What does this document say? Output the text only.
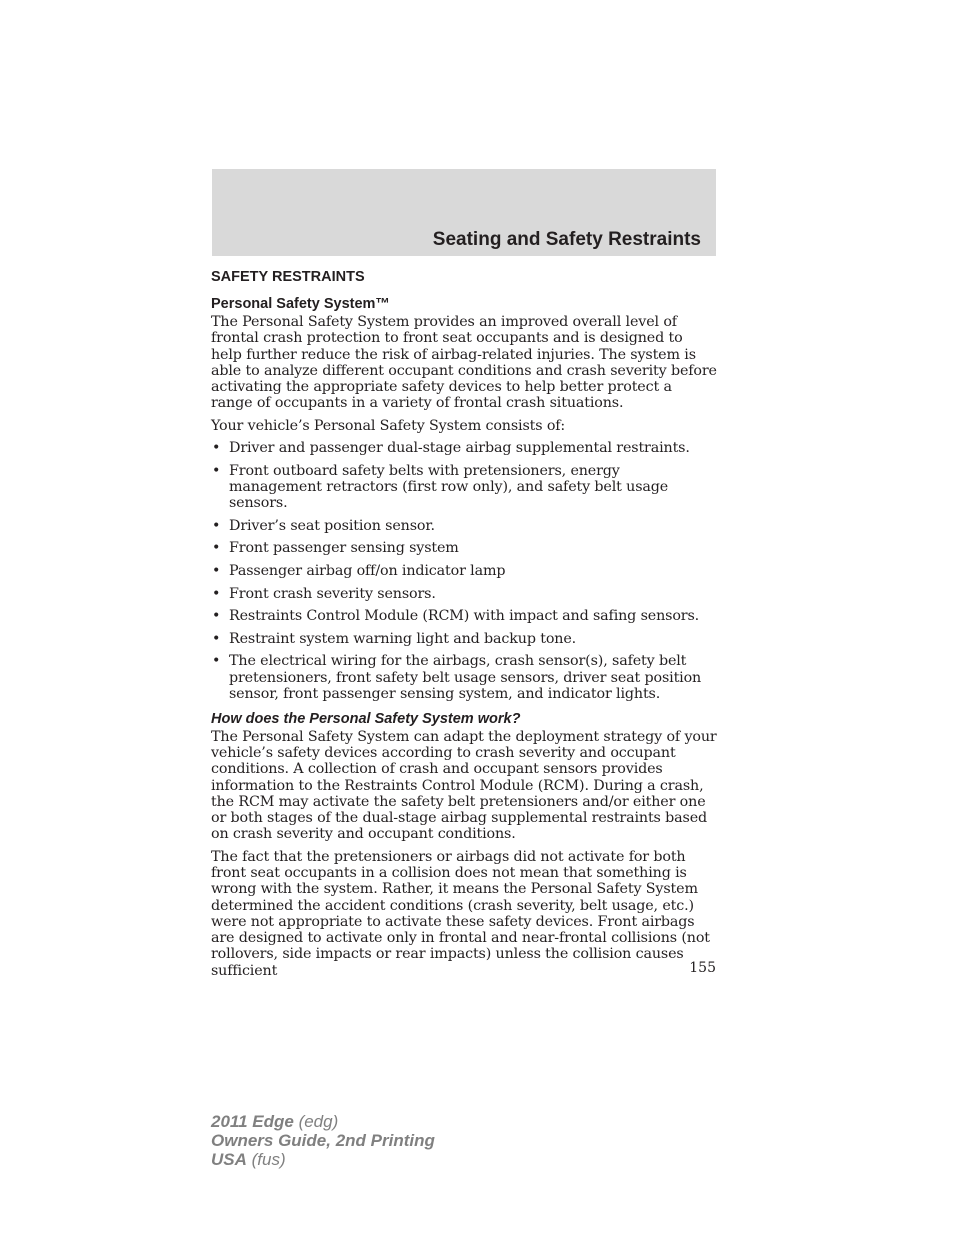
Seating and Safety Restraints
SAFETY RESTRAINTS
Personal Safety System™

The Personal Safety System provides an improved overall level of frontal crash protection to front seat occupants and is designed to help further reduce the risk of airbag-related injuries. The system is able to analyze different occupant conditions and crash severity before activating the appropriate safety devices to help better protect a range of occupants in a variety of frontal crash situations.

Your vehicle’s Personal Safety System consists of:

• Driver and passenger dual-stage airbag supplemental restraints.
• Front outboard safety belts with pretensioners, energy management retractors (first row only), and safety belt usage sensors.
• Driver’s seat position sensor.
• Front passenger sensing system
• Passenger airbag off/on indicator lamp
• Front crash severity sensors.
• Restraints Control Module (RCM) with impact and safing sensors.
• Restraint system warning light and backup tone.
• The electrical wiring for the airbags, crash sensor(s), safety belt pretensioners, front safety belt usage sensors, driver seat position sensor, front passenger sensing system, and indicator lights.
How does the Personal Safety System work?

The Personal Safety System can adapt the deployment strategy of your vehicle’s safety devices according to crash severity and occupant conditions. A collection of crash and occupant sensors provides information to the Restraints Control Module (RCM). During a crash, the RCM may activate the safety belt pretensioners and/or either one or both stages of the dual-stage airbag supplemental restraints based on crash severity and occupant conditions.

The fact that the pretensioners or airbags did not activate for both front seat occupants in a collision does not mean that something is wrong with the system. Rather, it means the Personal Safety System determined the accident conditions (crash severity, belt usage, etc.) were not appropriate to activate these safety devices. Front airbags are designed to activate only in frontal and near-frontal collisions (not rollovers, side impacts or rear impacts) unless the collision causes sufficient	155
2011 Edge (edg)
Owners Guide, 2nd Printing
USA (fus)
